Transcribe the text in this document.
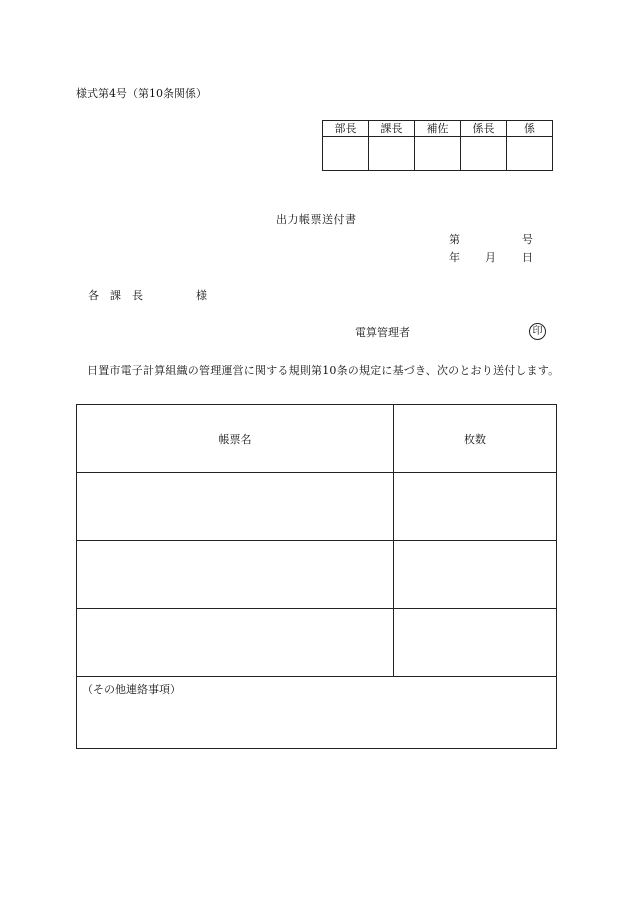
様式第4号（第10条関係）
部長	課長	補佐	係長	係

出力帳票送付書
第	号
年 月 日
各　課　長	様
電算管理者	印
日置市電子計算組織の管理運営に関する規則第10条の規定に基づき、次のとおり送付します。
帳票名	枚数

（その他連絡事項）	
